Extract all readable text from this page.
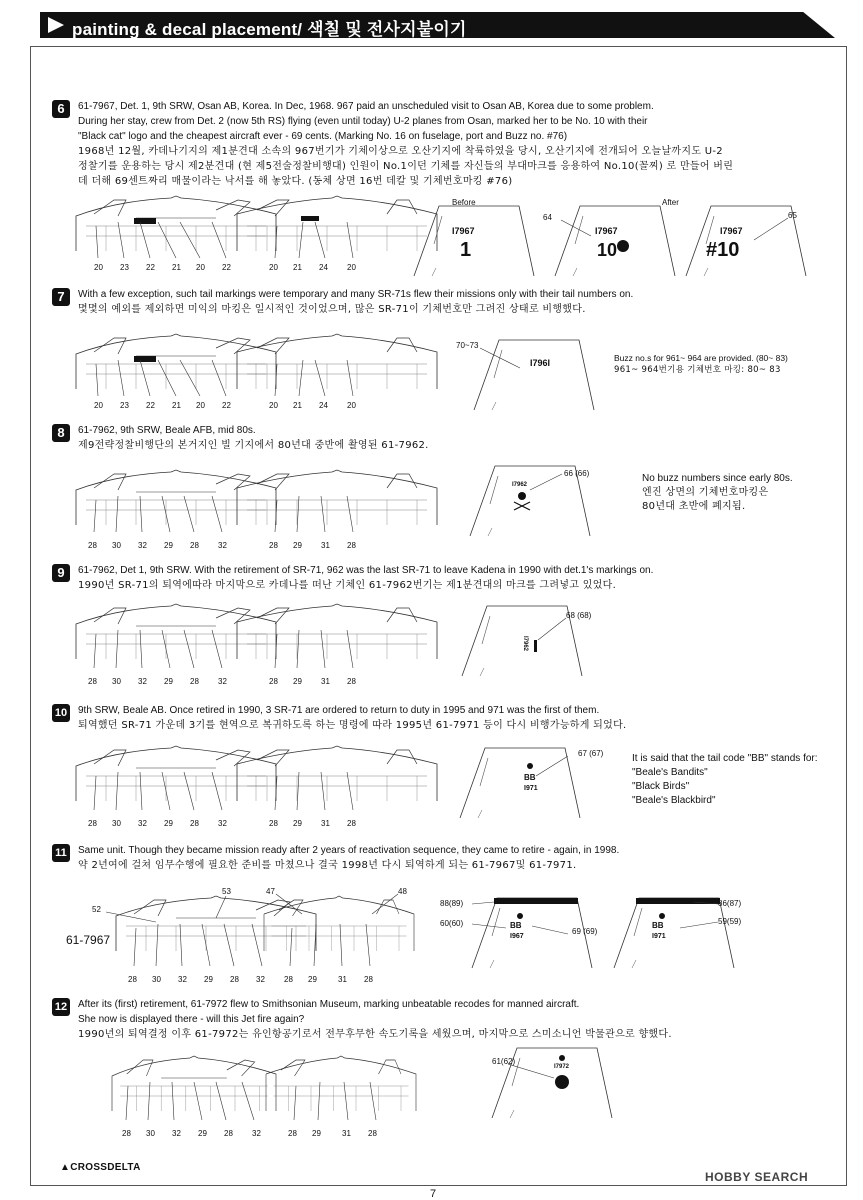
painting & decal placement/ 색칠 및 전사지붙이기
6	61-7967, Det. 1, 9th SRW, Osan AB, Korea. In Dec, 1968. 967 paid an unscheduled visit to Osan AB, Korea due to some problem.
During her stay, crew from Det. 2 (now 5th RS) flying (even until today) U-2 planes from Osan, marked her to be No. 10 with their
"Black cat" logo and the cheapest aircraft ever - 69 cents. (Marking No. 16 on fuselage, port and Buzz no. #76)
1968년 12월, 카데나기지의 제1분견대 소속의 967번기가 기체이상으로 오산기지에 착륙하였을 당시, 오산기지에 전개되어 오늘날까지도 U-2
정찰기를 운용하는 당시 제2분견대 (현 제5전술정찰비행대) 인원이 No.1이던 기체를 자신들의 부대마크를 응용하여 No.10(꼴찌) 로 만들어 버린
데 더해 69센트짜리 매물이라는 낙서를 해 놓았다. (동체 상면 16번 데칼 및 기체번호마킹 #76)
20 23 22 21 20 22	20 21 24 20
Before	After
I7967
1
I7967
10
64
I7967
#10
65
7	With a few exception, such tail markings were temporary and many SR-71s flew their missions only with their tail numbers on.
몇몇의 예외를 제외하면 미익의 마킹은 일시적인 것이었으며, 많은 SR-71이 기체번호만 그려진 상태로 비행했다.
20 23 22 21 20 22	20 21 24 20
I796I
70~73
Buzz no.s for 961~ 964 are provided. (80~ 83)
961~ 964번기용 기체번호 마킹: 80~ 83
8	61-7962, 9th SRW, Beale AFB, mid 80s.
제9전략정찰비행단의 본거지인 빌 기지에서 80년대 중반에 촬영된 61-7962.
28 30 32 29 28 32	28 29 31 28
I7962
66 (66)	No buzz numbers since early 80s.
엔진 상면의 기체번호마킹은
80년대 초반에 폐지됨.
9	61-7962, Det 1, 9th SRW. With the retirement of SR-71, 962 was the last SR-71 to leave Kadena in 1990 with det.1's markings on.
1990년 SR-71의 퇴역에따라 마지막으로 카데나를 떠난 기체인 61-7962번기는 제1분견대의 마크를 그려넣고 있었다.
28 30 32 29 28 32	28 29 31 28
I7962
68 (68)
10 9th SRW, Beale AB. Once retired in 1990, 3 SR-71 are ordered to return to duty in 1995 and 971 was the first of them.
퇴역했던 SR-71 가운데 3기를 현역으로 복귀하도록 하는 명령에 따라 1995년 61-7971 등이 다시 비행가능하게 되었다.
28 30 32 29 28 32	28 29 31 28
BB
I971
67 (67)	It is said that the tail code "BB" stands for:
"Beale's Bandits"
"Black Birds"
"Beale's Blackbird"
11	Same unit. Though they became mission ready after 2 years of reactivation sequence, they came to retire - again, in 1998.
약 2년여에 걸쳐 임무수행에 필요한 준비를 마쳤으나 결국 1998년 다시 퇴역하게 되는 61-7967및 61-7971.
61-7967
52
53
28 30 32 29 28 32
47	48
28 29	31 28
BB
I967
88(89)
60(60)
69 (69)
BB
I971
86(87)
59(59)
12 After its (first) retirement, 61-7972 flew to Smithsonian Museum, marking unbeatable recodes for manned aircraft.
She now is displayed there - will this Jet fire again?
1990년의 퇴역결정 이후 61-7972는 유인항공기로서 전무후무한 속도기록을 세웠으며, 마지막으로 스미소니언 박물관으로 향했다.
28 30 32 29 28 32	28 29	31 28
I7972
61(62)
▲CROSSDELTA
HOBBY SEARCH
7
